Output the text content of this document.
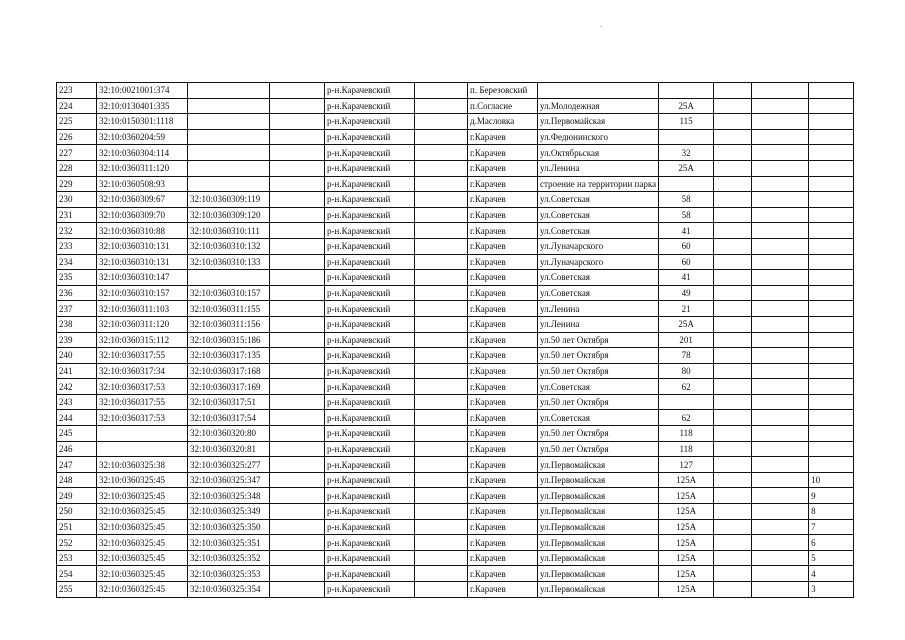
.
223	32:10:0021001:374			р-н.Карачевский		п. Березовский					
224	32:10:0130401:335			р-н.Карачевский		п.Согласие	ул.Молодежная	25А			
225	32:10:0150301:1118			р-н.Карачевский		д.Масловка	ул.Первомайская	115			
226	32:10:0360204:59			р-н.Карачевский		г.Карачев	ул.Федюнинского				
227	32:10:0360304:114			р-н.Карачевский		г.Карачев	ул.Октябрьская	32			
228	32:10:0360311:120			р-н.Карачевский		г.Карачев	ул.Ленина	25А			
229	32:10:0360508:93			р-н.Карачевский		г.Карачев	строение на территории парка				
230	32:10:0360309:67	32:10:0360309:119		р-н.Карачевский		г.Карачев	ул.Советская	58			
231	32:10:0360309:70	32:10:0360309:120		р-н.Карачевский		г.Карачев	ул.Советская	58			
232	32:10:0360310:88	32:10:0360310:111		р-н.Карачевский		г.Карачев	ул.Советская	41			
233	32:10:0360310:131	32:10:0360310:132		р-н.Карачевский		г.Карачев	ул.Луначарского	60			
234	32:10:0360310:131	32:10:0360310:133		р-н.Карачевский		г.Карачев	ул.Луначарского	60			
235	32:10:0360310:147			р-н.Карачевский		г.Карачев	ул.Советская	41			
236	32:10:0360310:157	32:10:0360310:157		р-н.Карачевский		г.Карачев	ул.Советская	49			
237	32:10:0360311:103	32:10:0360311:155		р-н.Карачевский		г.Карачев	ул.Ленина	21			
238	32:10:0360311:120	32:10:0360311:156		р-н.Карачевский		г.Карачев	ул.Ленина	25А			
239	32:10:0360315:112	32:10:0360315:186		р-н.Карачевский		г.Карачев	ул.50 лет Октября	201			
240	32:10:0360317:55	32:10:0360317:135		р-н.Карачевский		г.Карачев	ул.50 лет Октября	78			
241	32:10:0360317:34	32:10:0360317:168		р-н.Карачевский		г.Карачев	ул.50 лет Октября	80			
242	32:10:0360317:53	32:10:0360317:169		р-н.Карачевский		г.Карачев	ул.Советская	62			
243	32:10:0360317:55	32:10:0360317:51		р-н.Карачевский		г.Карачев	ул.50 лет Октября				
244	32:10:0360317:53	32:10:0360317:54		р-н.Карачевский		г.Карачев	ул.Советская	62			
245		32:10:0360320:80		р-н.Карачевский		г.Карачев	ул.50 лет Октября	118			
246		32:10:0360320:81		р-н.Карачевский		г.Карачев	ул.50 лет Октября	118			
247	32:10:0360325:38	32:10:0360325:277		р-н.Карачевский		г.Карачев	ул.Первомайская	127			
248	32:10:0360325:45	32:10:0360325:347		р-н.Карачевский		г.Карачев	ул.Первомайская	125А			10
249	32:10:0360325:45	32:10:0360325:348		р-н.Карачевский		г.Карачев	ул.Первомайская	125А			9
250	32:10:0360325:45	32:10:0360325:349		р-н.Карачевский		г.Карачев	ул.Первомайская	125А			8
251	32:10:0360325:45	32:10:0360325:350		р-н.Карачевский		г.Карачев	ул.Первомайская	125А			7
252	32:10:0360325:45	32:10:0360325:351		р-н.Карачевский		г.Карачев	ул.Первомайская	125А			6
253	32:10:0360325:45	32:10:0360325:352		р-н.Карачевский		г.Карачев	ул.Первомайская	125А			5
254	32:10:0360325:45	32:10:0360325:353		р-н.Карачевский		г.Карачев	ул.Первомайская	125А			4
255	32:10:0360325:45	32:10:0360325:354		р-н.Карачевский		г.Карачев	ул.Первомайская	125А			3
